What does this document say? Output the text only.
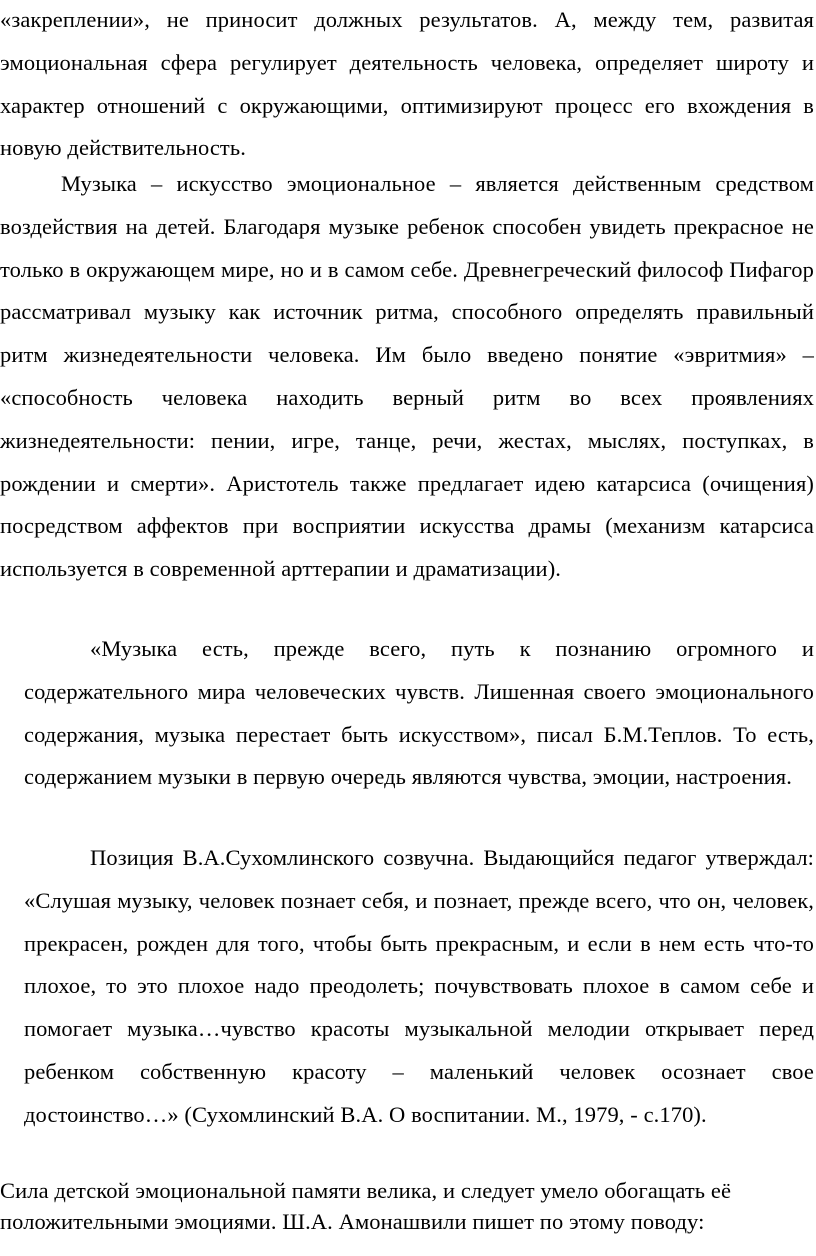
«закреплении», не приносит должных результатов. А, между тем, развитая эмоциональная сфера регулирует деятельность человека, определяет широту и характер отношений с окружающими, оптимизируют процесс его вхождения в новую действительность.

Музыка – искусство эмоциональное – является действенным средством воздействия на детей. Благодаря музыке ребенок способен увидеть прекрасное не только в окружающем мире, но и в самом себе. Древнегреческий философ Пифагор рассматривал музыку как источник ритма, способного определять правильный ритм жизнедеятельности человека. Им было введено понятие «эвритмия» – «способность человека находить верный ритм во всех проявлениях жизнедеятельности: пении, игре, танце, речи, жестах, мыслях, поступках, в рождении и смерти». Аристотель также предлагает идею катарсиса (очищения) посредством аффектов при восприятии искусства драмы (механизм катарсиса используется в современной арттерапии и драматизации).

«Музыка есть, прежде всего, путь к познанию огромного и содержательного мира человеческих чувств. Лишенная своего эмоционального содержания, музыка перестает быть искусством», писал Б.М.Теплов. То есть, содержанием музыки в первую очередь являются чувства, эмоции, настроения.

Позиция В.А.Сухомлинского созвучна. Выдающийся педагог утверждал: «Слушая музыку, человек познает себя, и познает, прежде всего, что он, человек, прекрасен, рожден для того, чтобы быть прекрасным, и если в нем есть что-то плохое, то это плохое надо преодолеть; почувствовать плохое в самом себе и помогает музыка…чувство красоты музыкальной мелодии открывает перед ребенком собственную красоту – маленький человек осознает свое достоинство…» (Сухомлинский В.А. О воспитании. М., 1979, - с.170).

Сила детской эмоциональной памяти велика, и следует умело обогащать её положительными эмоциями. Ш.А. Амонашвили пишет по этому поводу:
